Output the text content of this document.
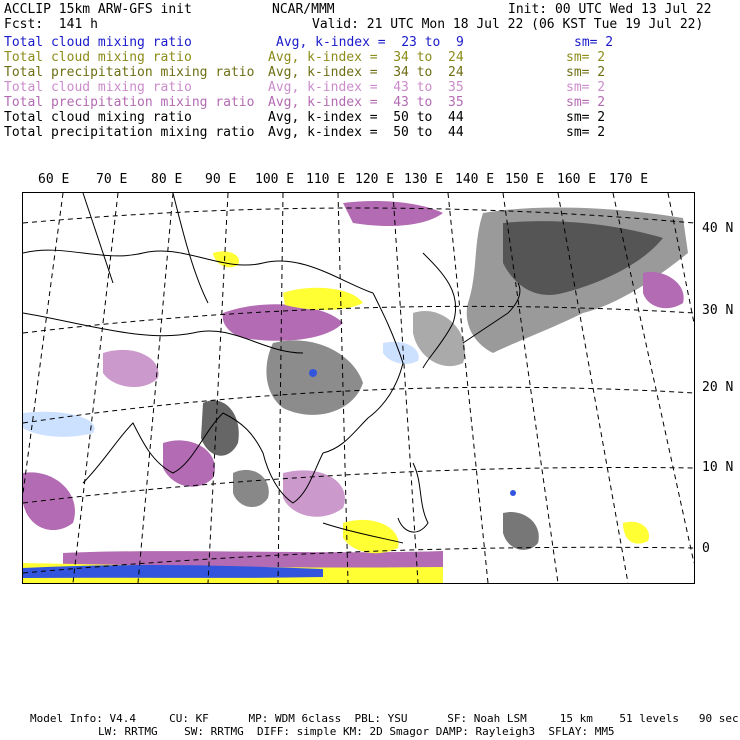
ACCLIP 15km ARW-GFS init	NCAR/MMM	Init: 00 UTC Wed 13 Jul 22
Fcst:  141 h	Valid: 21 UTC Mon 18 Jul 22 (06 KST Tue 19 Jul 22)
Total cloud mixing ratio	Avg, k-index =  23 to  9	sm= 2
Total cloud mixing ratio	Avg, k-index =  34 to  24	sm= 2
Total precipitation mixing ratio Avg, k-index =  34 to  24	sm= 2
Total cloud mixing ratio	Avg, k-index =  43 to  35	sm= 2
Total precipitation mixing ratio Avg, k-index =  43 to  35	sm= 2
Total cloud mixing ratio	Avg, k-index =  50 to  44	sm= 2
Total precipitation mixing ratio Avg, k-index =  50 to  44	sm= 2
60 E 70 E 80 E 90 E 100 E 110 E 120 E 130 E 140 E 150 E 160 E 170 E
40 N
30 N
20 N
10 N
0
Model Info: V4.4     CU: KF      MP: WDM 6class  PBL: YSU      SF: Noah LSM     15 km    51 levels   90 sec
LW: RRTMG    SW: RRTMG  DIFF: simple KM: 2D Smagor DAMP: Rayleigh3  SFLAY: MM5
